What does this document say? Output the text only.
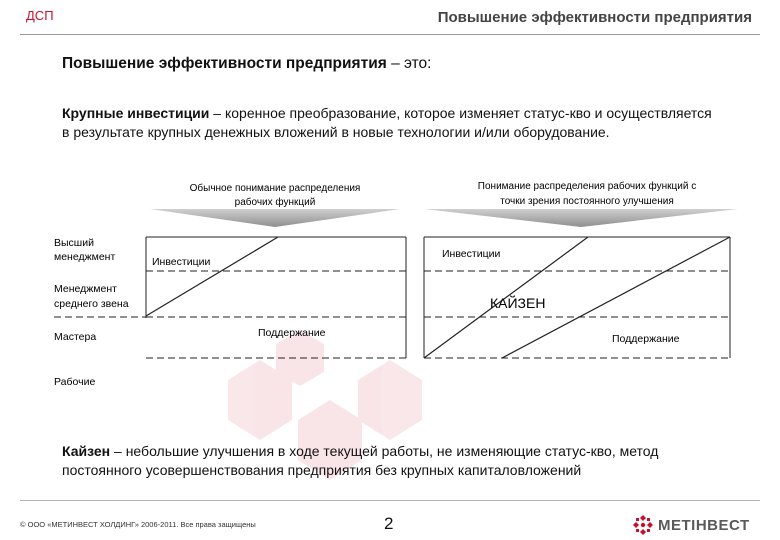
ДСП	Повышение эффективности предприятия
Повышение эффективности предприятия – это:
Крупные инвестиции – коренное преобразование, которое изменяет статус-кво и осуществляется в результате крупных денежных вложений в новые технологии и/или оборудование.
Обычное понимание распределения
рабочих функций
Понимание распределения рабочих функций с
точки зрения постоянного улучшения
Высший
менеджмент
Менеджмент
среднего звена
Мастера
Рабочие
Инвестиции
Поддержание
Инвестиции
КАЙЗЕН
Поддержание
Кайзен – небольшие улучшения в ходе текущей работы, не изменяющие статус-кво, метод постоянного усовершенствования предприятия без крупных капиталовложений
© ООО «МЕТИНВЕСТ ХОЛДИНГ» 2006-2011. Все права защищены	2	МЕТІНВЕСТ
